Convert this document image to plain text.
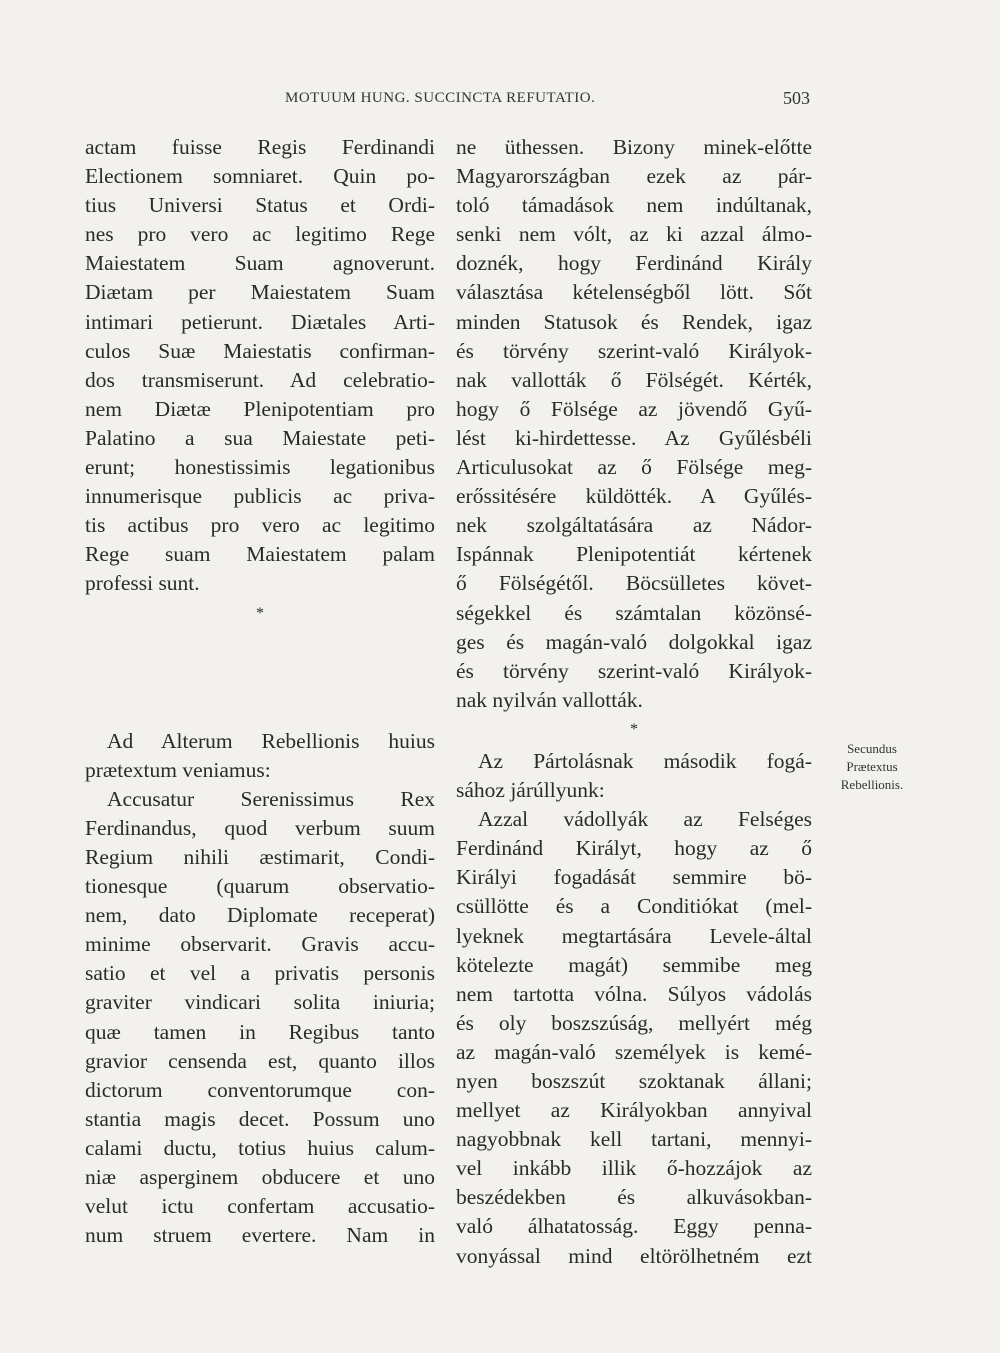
MOTUUM HUNG. SUCCINCTA REFUTATIO.	503
actam fuisse Regis Ferdinandi
Electionem somniaret. Quin po-
tius Universi Status et Ordi-
nes pro vero ac legitimo Rege
Maiestatem Suam agnoverunt.
Diætam per Maiestatem Suam
intimari petierunt. Diætales Arti-
culos Suæ Maiestatis confirman-
dos transmiserunt. Ad celebratio-
nem Diætæ Plenipotentiam pro
Palatino a sua Maiestate peti-
erunt; honestissimis legationibus
innumerisque publicis ac priva-
tis actibus pro vero ac legitimo
Rege suam Maiestatem palam
professi sunt.
*
Ad Alterum Rebellionis huius
prætextum veniamus:
Accusatur Serenissimus Rex
Ferdinandus, quod verbum suum
Regium nihili æstimarit, Condi-
tionesque (quarum observatio-
nem, dato Diplomate receperat)
minime observarit. Gravis accu-
satio et vel a privatis personis
graviter vindicari solita iniuria;
quæ tamen in Regibus tanto
gravior censenda est, quanto illos
dictorum conventorumque con-
stantia magis decet. Possum uno
calami ductu, totius huius calum-
niæ asperginem obducere et uno
velut ictu confertam accusatio-
num struem evertere. Nam in
ne üthessen. Bizony minek-előtte
Magyarországban ezek az pár-
toló támadások nem indúltanak,
senki nem vólt, az ki azzal álmo-
doznék, hogy Ferdinánd Király
választása kételenségből lött. Sőt
minden Statusok és Rendek, igaz
és törvény szerint-való Királyok-
nak vallották ő Fölségét. Kérték,
hogy ő Fölsége az jövendő Gyű-
lést ki-hirdettesse. Az Gyűlésbéli
Articulusokat az ő Fölsége meg-
erőssitésére küldötték. A Gyűlés-
nek szolgáltatására az Nádor-
Ispánnak Plenipotentiát kértenek
ő Fölségétől. Böcsülletes követ-
ségekkel és számtalan közönsé-
ges és magán-való dolgokkal igaz
és törvény szerint-való Királyok-
nak nyilván vallották.
*
Az Pártolásnak második fogá-
sához járúllyunk:
Azzal vádollyák az Felséges
Ferdinánd Királyt, hogy az ő
Királyi fogadását semmire bö-
csüllötte és a Conditiókat (mel-
lyeknek megtartására Levele-által
kötelezte magát) semmibe meg
nem tartotta vólna. Súlyos vádolás
és oly boszszúság, mellyért még
az magán-való személyek is kemé-
nyen boszszút szoktanak állani;
mellyet az Királyokban annyival
nagyobbnak kell tartani, mennyi-
vel inkább illik ő-hozzájok az
beszédekben és alkuvásokban-
való álhatatosság. Eggy penna-
vonyással mind eltörölhetném ezt
Secundus
Prætextus
Rebellionis.
